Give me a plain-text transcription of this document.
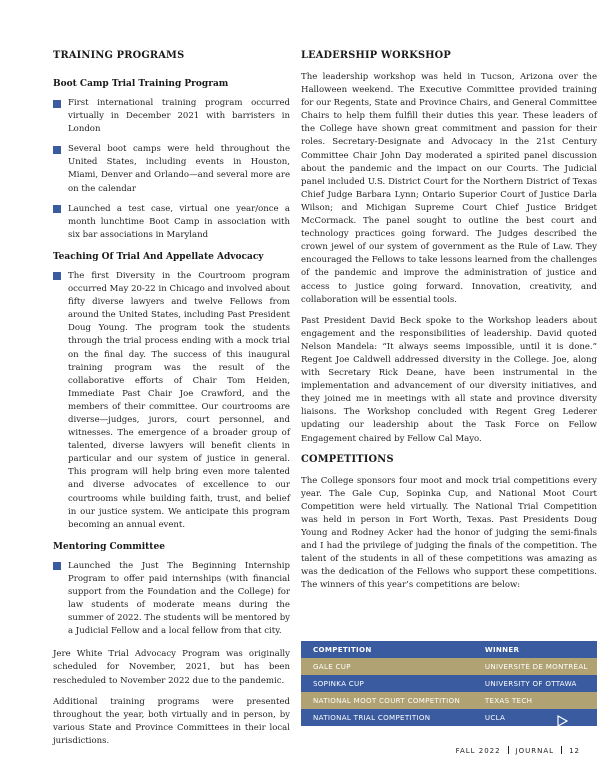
TRAINING PROGRAMS
Boot Camp Trial Training Program
First international training program occurred virtually in December 2021 with barristers in London
Several boot camps were held throughout the United States, including events in Houston, Miami, Denver and Orlando—and several more are on the calendar
Launched a test case, virtual one year/once a month lunchtime Boot Camp in association with six bar associations in Maryland
Teaching Of Trial And Appellate Advocacy
The first Diversity in the Courtroom program occurred May 20-22 in Chicago and involved about fifty diverse lawyers and twelve Fellows from around the United States, including Past President Doug Young. The program took the students through the trial process ending with a mock trial on the final day. The success of this inaugural training program was the result of the collaborative efforts of Chair Tom Heiden, Immediate Past Chair Joe Crawford, and the members of their committee. Our courtrooms are diverse—judges, jurors, court personnel, and witnesses. The emergence of a broader group of talented, diverse lawyers will benefit clients in particular and our system of justice in general. This program will help bring even more talented and diverse advocates of excellence to our courtrooms while building faith, trust, and belief in our justice system. We anticipate this program becoming an annual event.
Mentoring Committee
Launched the Just The Beginning Internship Program to offer paid internships (with financial support from the Foundation and the College) for law students of moderate means during the summer of 2022. The students will be mentored by a Judicial Fellow and a local fellow from that city.

Jere White Trial Advocacy Program was originally scheduled for November, 2021, but has been rescheduled to November 2022 due to the pandemic.

Additional training programs were presented throughout the year, both virtually and in person, by various State and Province Committees in their local jurisdictions.

LEADERSHIP WORKSHOP

The leadership workshop was held in Tucson, Arizona over the Halloween weekend. The Executive Committee provided training for our Regents, State and Province Chairs, and General Committee Chairs to help them fulfill their duties this year. These leaders of the College have shown great commitment and passion for their roles. Secretary-Designate and Advocacy in the 21st Century Committee Chair John Day moderated a spirited panel discussion about the pandemic and the impact on our Courts. The Judicial panel included U.S. District Court for the Northern District of Texas Chief Judge Barbara Lynn; Ontario Superior Court of Justice Darla Wilson; and Michigan Supreme Court Chief Justice Bridget McCormack. The panel sought to outline the best court and technology practices going forward. The Judges described the crown jewel of our system of government as the Rule of Law. They encouraged the Fellows to take lessons learned from the challenges of the pandemic and improve the administration of justice and access to justice going forward. Innovation, creativity, and collaboration will be essential tools.

Past President David Beck spoke to the Workshop leaders about engagement and the responsibilities of leadership. David quoted Nelson Mandela: “It always seems impossible, until it is done.” Regent Joe Caldwell addressed diversity in the College. Joe, along with Secretary Rick Deane, have been instrumental in the implementation and advancement of our diversity initiatives, and they joined me in meetings with all state and province diversity liaisons. The Workshop concluded with Regent Greg Lederer updating our leadership about the Task Force on Fellow Engagement chaired by Fellow Cal Mayo.

COMPETITIONS

The College sponsors four moot and mock trial competitions every year. The Gale Cup, Sopinka Cup, and National Moot Court Competition were held virtually. The National Trial Competition was held in person in Fort Worth, Texas. Past Presidents Doug Young and Rodney Acker had the honor of judging the semi-finals and I had the privilege of judging the finals of the competition. The talent of the students in all of these competitions was amazing as was the dedication of the Fellows who support these competitions. The winners of this year’s competitions are below:

COMPETITION	WINNER
GALE CUP	UNIVERSITÉ DE MONTRÉAL
SOPINKA CUP	UNIVERSITY OF OTTAWA
NATIONAL MOOT COURT COMPETITION	TEXAS TECH
NATIONAL TRIAL COMPETITION	UCLA
FALL 2022 JOURNAL 12
